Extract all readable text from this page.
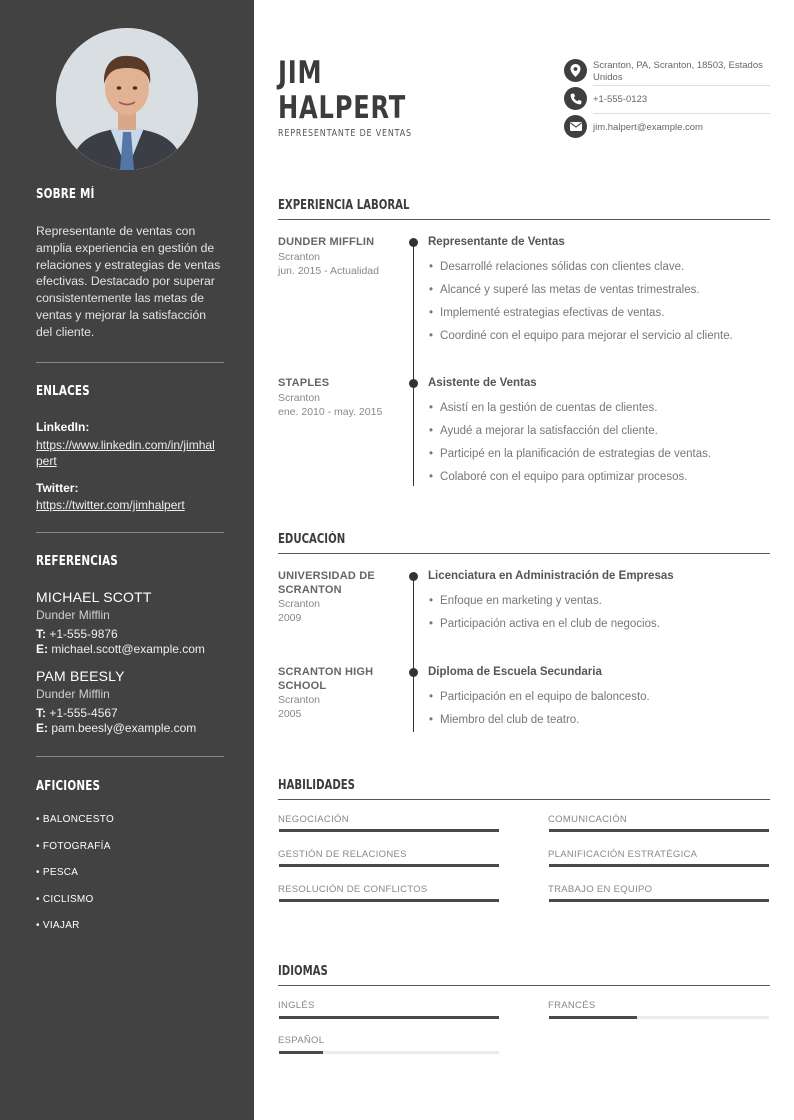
SOBRE MÍ
Representante de ventas con amplia experiencia en gestión de relaciones y estrategias de ventas efectivas. Destacado por superar consistentemente las metas de ventas y mejorar la satisfacción del cliente.
ENLACES
LinkedIn:
https://www.linkedin.com/in/jimhalpert
Twitter:
https://twitter.com/jimhalpert
REFERENCIAS
MICHAEL SCOTT
Dunder Mifflin
T: +1-555-9876
E: michael.scott@example.com
PAM BEESLY
Dunder Mifflin
T: +1-555-4567
E: pam.beesly@example.com
AFICIONES
• BALONCESTO
• FOTOGRAFÍA
• PESCA
• CICLISMO
• VIAJAR
JIM
HALPERT
REPRESENTANTE DE VENTAS
Scranton, PA, Scranton, 18503, Estados Unidos
+1-555-0123
jim.halpert@example.com
EXPERIENCIA LABORAL
DUNDER MIFFLIN
Scranton
jun. 2015 - Actualidad
Representante de Ventas
• Desarrollé relaciones sólidas con clientes clave.
• Alcancé y superé las metas de ventas trimestrales.
• Implementé estrategias efectivas de ventas.
• Coordiné con el equipo para mejorar el servicio al cliente.
STAPLES
Scranton
ene. 2010 - may. 2015
Asistente de Ventas
• Asistí en la gestión de cuentas de clientes.
• Ayudé a mejorar la satisfacción del cliente.
• Participé en la planificación de estrategias de ventas.
• Colaboré con el equipo para optimizar procesos.
EDUCACIÓN
UNIVERSIDAD DE
SCRANTON
Scranton
2009
Licenciatura en Administración de Empresas
• Enfoque en marketing y ventas.
• Participación activa en el club de negocios.
SCRANTON HIGH
SCHOOL
Scranton
2005
Diploma de Escuela Secundaria
• Participación en el equipo de baloncesto.
• Miembro del club de teatro.
HABILIDADES
NEGOCIACIÓN	COMUNICACIÓN
GESTIÓN DE RELACIONES	PLANIFICACIÓN ESTRATÉGICA
RESOLUCIÓN DE CONFLICTOS	TRABAJO EN EQUIPO
IDIOMAS
INGLÉS	FRANCÉS
ESPAÑOL
